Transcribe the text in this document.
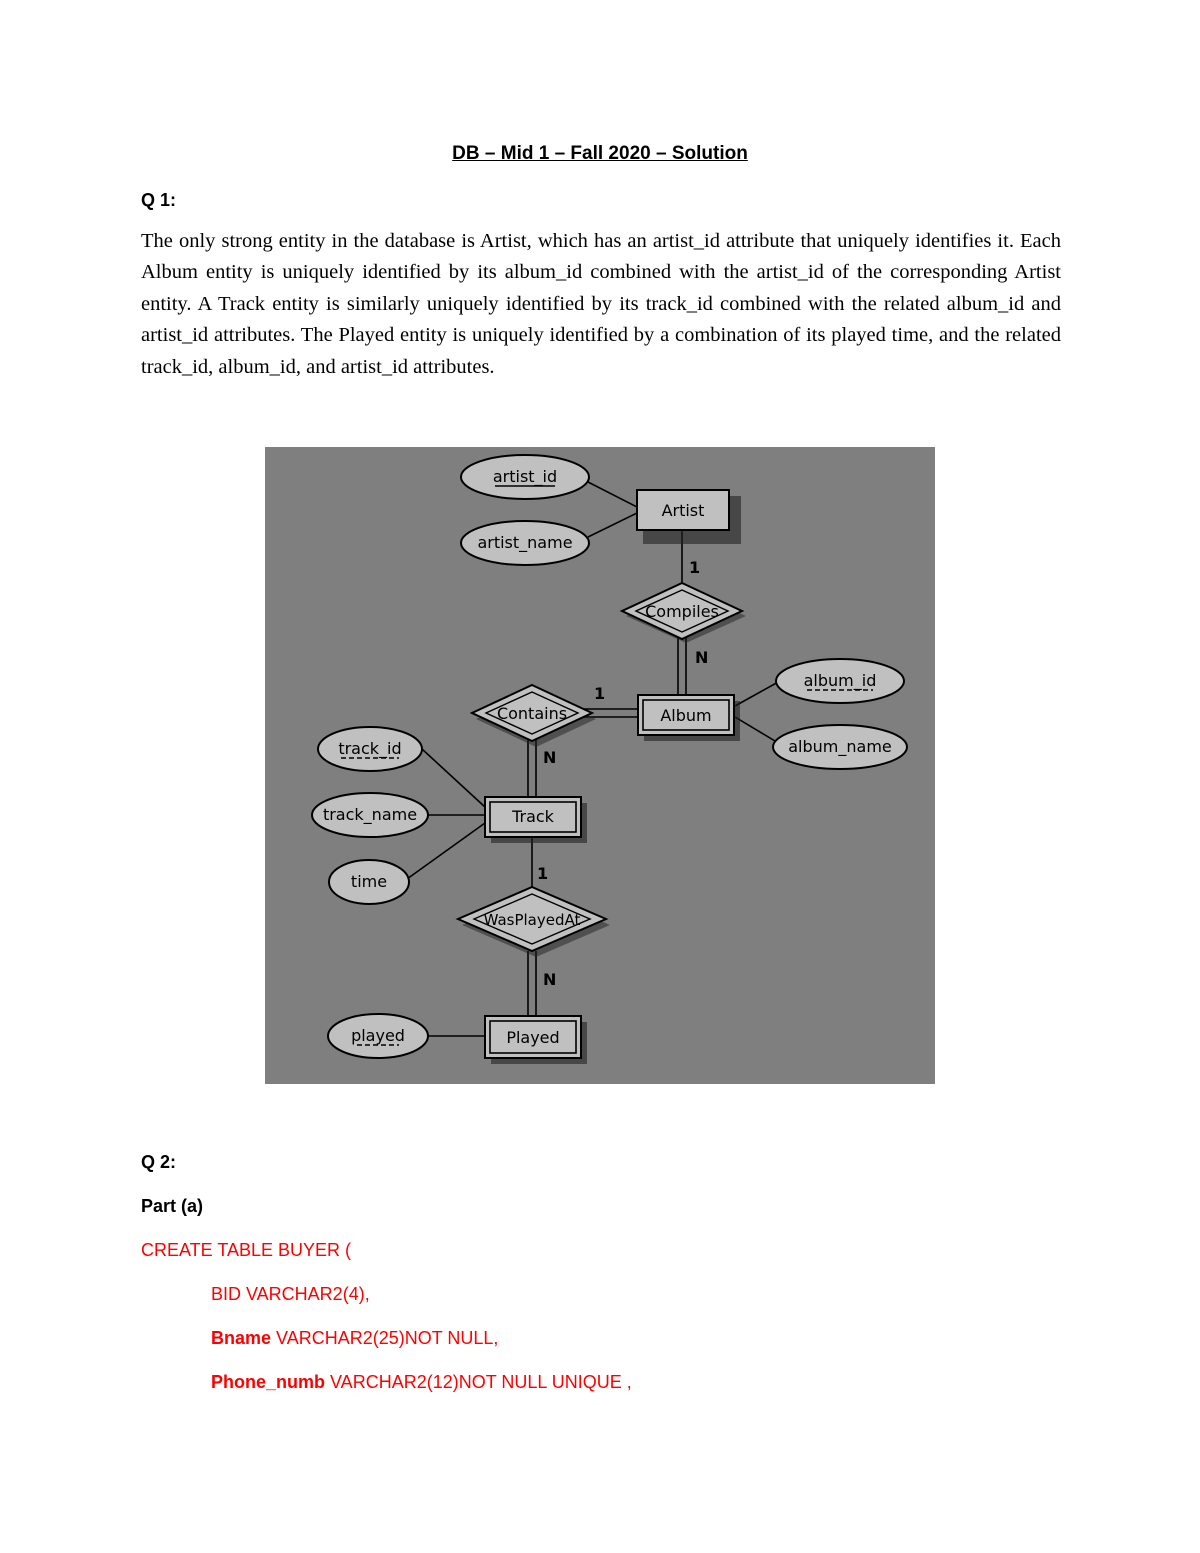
DB – Mid 1 – Fall 2020 – Solution
Q 1:

The only strong entity in the database is Artist, which has an artist_id attribute that uniquely identifies it. Each Album entity is uniquely identified by its album_id combined with the artist_id of the corresponding Artist entity. A Track entity is similarly uniquely identified by its track_id combined with the related album_id and artist_id attributes. The Played entity is uniquely identified by a combination of its played time, and the related track_id, album_id, and artist_id attributes.

Artist
Album
Track
Played
Compiles
Contains
WasPlayedAt
artist_id
artist_name
album_id
album_name
track_id
track_name
time
played
1
N
1
N
1
N
Q 2:
Part (a)
CREATE TABLE BUYER (
BID VARCHAR2(4),
Bname VARCHAR2(25)NOT NULL,
Phone_numb VARCHAR2(12)NOT NULL UNIQUE ,
